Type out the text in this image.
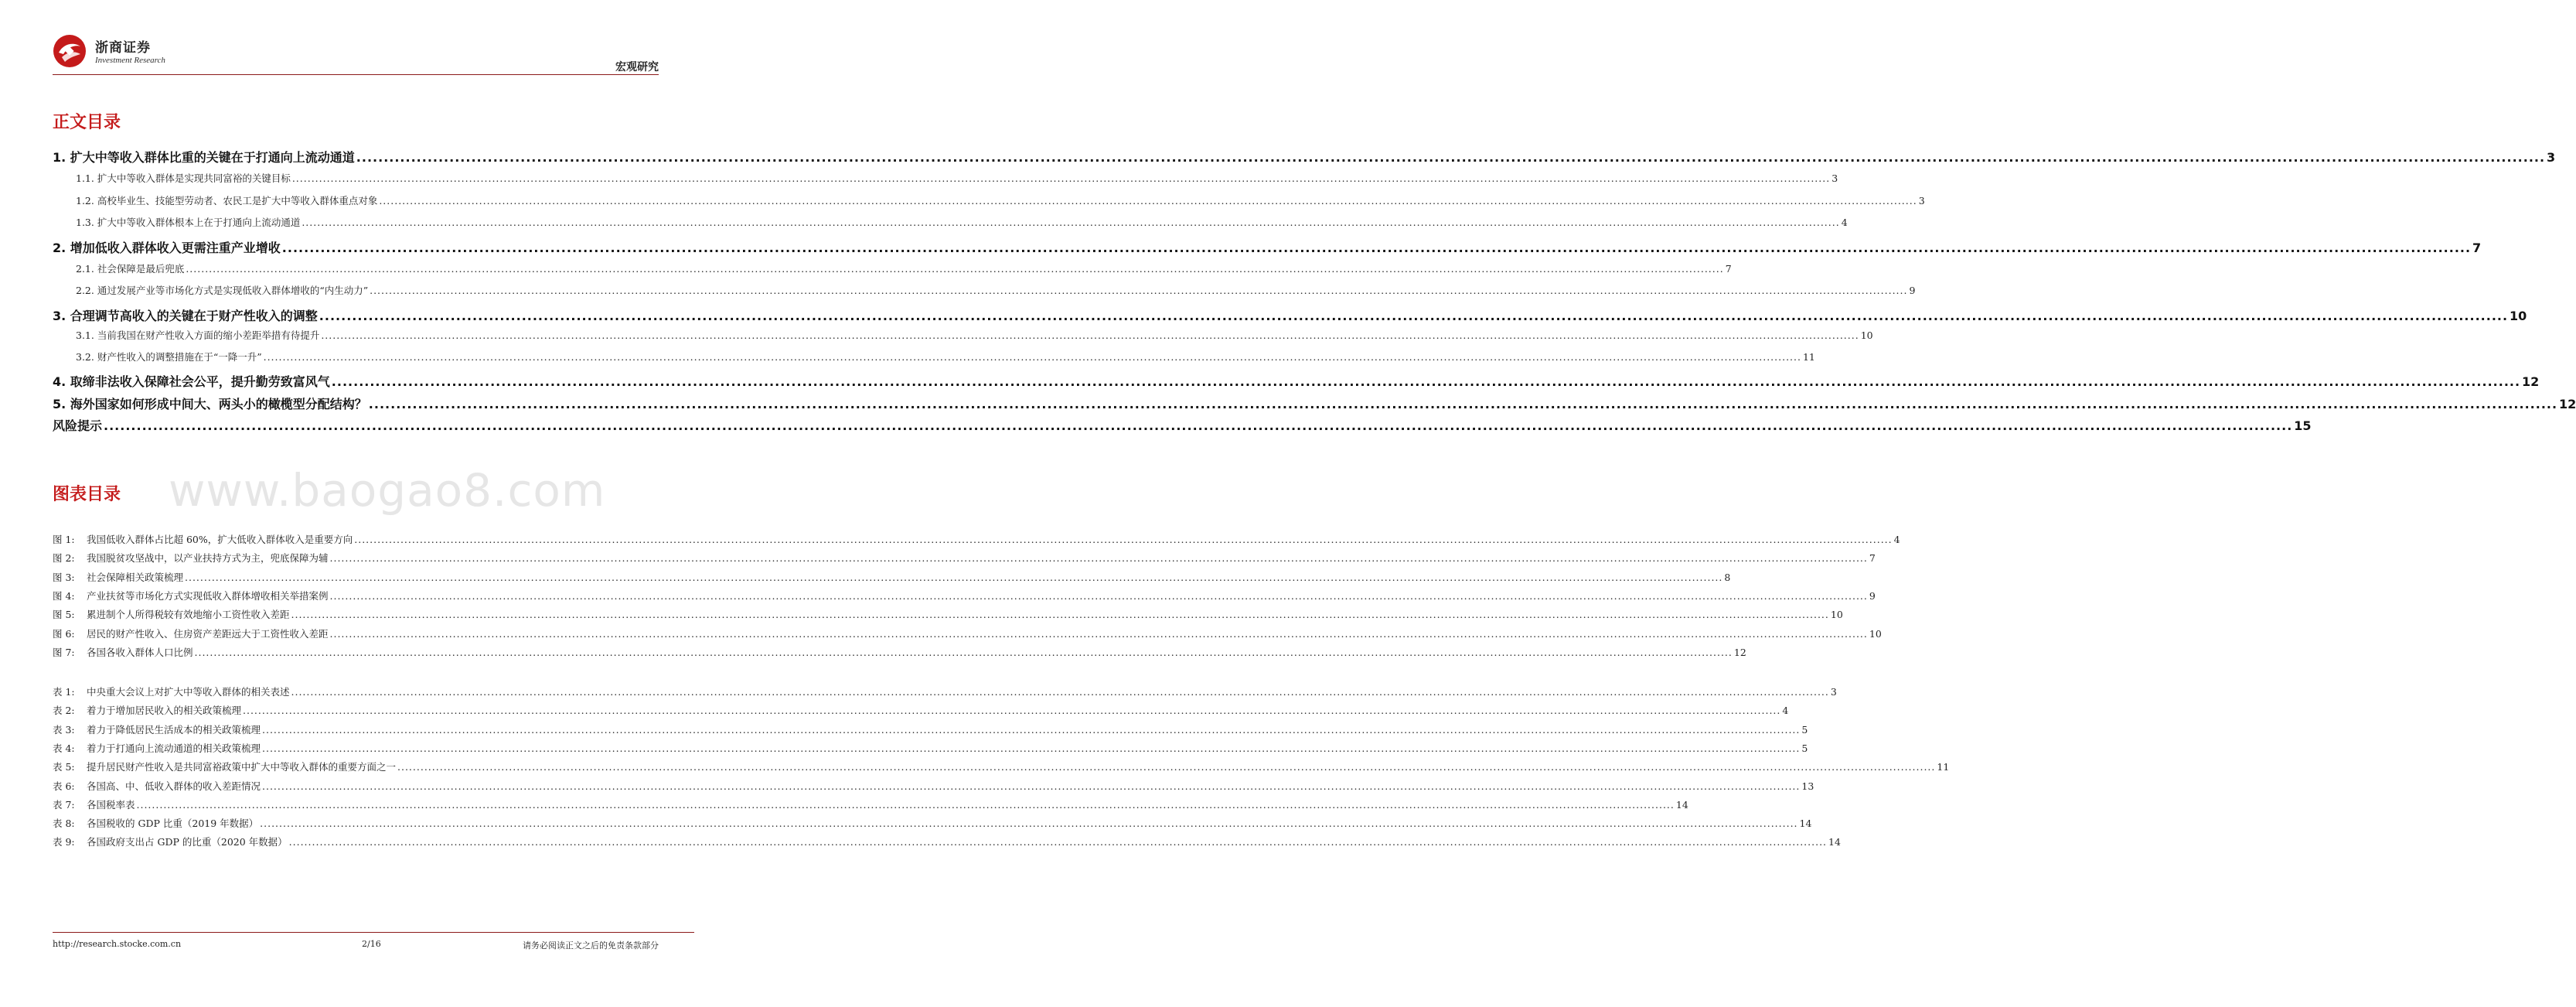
浙商证券
Investment Research
宏观研究
正文目录
1. 扩大中等收入群体比重的关键在于打通向上流动通道 ................................................................................................................................................................................................................................................................................................................................................................................................................ 3
1.1. 扩大中等收入群体是实现共同富裕的关键目标 ................................................................................................................................................................................................................................................................................................................................................................................................................ 3
1.2. 高校毕业生、技能型劳动者、农民工是扩大中等收入群体重点对象 ................................................................................................................................................................................................................................................................................................................................................................................................................ 3
1.3. 扩大中等收入群体根本上在于打通向上流动通道 ................................................................................................................................................................................................................................................................................................................................................................................................................ 4
2. 增加低收入群体收入更需注重产业增收 ................................................................................................................................................................................................................................................................................................................................................................................................................ 7
2.1. 社会保障是最后兜底 ................................................................................................................................................................................................................................................................................................................................................................................................................ 7
2.2. 通过发展产业等市场化方式是实现低收入群体增收的“内生动力” ................................................................................................................................................................................................................................................................................................................................................................................................................ 9
3. 合理调节高收入的关键在于财产性收入的调整 ................................................................................................................................................................................................................................................................................................................................................................................................................ 10
3.1. 当前我国在财产性收入方面的缩小差距举措有待提升 ................................................................................................................................................................................................................................................................................................................................................................................................................ 10
3.2. 财产性收入的调整措施在于“一降一升” ................................................................................................................................................................................................................................................................................................................................................................................................................ 11
4. 取缔非法收入保障社会公平，提升勤劳致富风气 ................................................................................................................................................................................................................................................................................................................................................................................................................ 12
5. 海外国家如何形成中间大、两头小的橄榄型分配结构？ ................................................................................................................................................................................................................................................................................................................................................................................................................ 12
风险提示 ................................................................................................................................................................................................................................................................................................................................................................................................................ 15
www.baogao8.com
图表目录
图 1:	我国低收入群体占比超 60%，扩大低收入群体收入是重要方向 ................................................................................................................................................................................................................................................................................................................................................................................................................ 4
图 2:	我国脱贫攻坚战中，以产业扶持方式为主，兜底保障为辅 ................................................................................................................................................................................................................................................................................................................................................................................................................ 7
图 3:	社会保障相关政策梳理 ................................................................................................................................................................................................................................................................................................................................................................................................................ 8
图 4:	产业扶贫等市场化方式实现低收入群体增收相关举措案例 ................................................................................................................................................................................................................................................................................................................................................................................................................ 9
图 5:	累进制个人所得税较有效地缩小工资性收入差距 ................................................................................................................................................................................................................................................................................................................................................................................................................ 10
图 6:	居民的财产性收入、住房资产差距远大于工资性收入差距 ................................................................................................................................................................................................................................................................................................................................................................................................................ 10
图 7:	各国各收入群体人口比例 ................................................................................................................................................................................................................................................................................................................................................................................................................ 12
表 1:	中央重大会议上对扩大中等收入群体的相关表述 ................................................................................................................................................................................................................................................................................................................................................................................................................ 3
表 2:	着力于增加居民收入的相关政策梳理 ................................................................................................................................................................................................................................................................................................................................................................................................................ 4
表 3:	着力于降低居民生活成本的相关政策梳理 ................................................................................................................................................................................................................................................................................................................................................................................................................ 5
表 4:	着力于打通向上流动通道的相关政策梳理 ................................................................................................................................................................................................................................................................................................................................................................................................................ 5
表 5:	提升居民财产性收入是共同富裕政策中扩大中等收入群体的重要方面之一 ................................................................................................................................................................................................................................................................................................................................................................................................................ 11
表 6:	各国高、中、低收入群体的收入差距情况 ................................................................................................................................................................................................................................................................................................................................................................................................................ 13
表 7:	各国税率表 ................................................................................................................................................................................................................................................................................................................................................................................................................ 14
表 8:	各国税收的 GDP 比重（2019 年数据） ................................................................................................................................................................................................................................................................................................................................................................................................................ 14
表 9:	各国政府支出占 GDP 的比重（2020 年数据） ................................................................................................................................................................................................................................................................................................................................................................................................................ 14
http://research.stocke.com.cn	2/16	请务必阅读正文之后的免责条款部分
